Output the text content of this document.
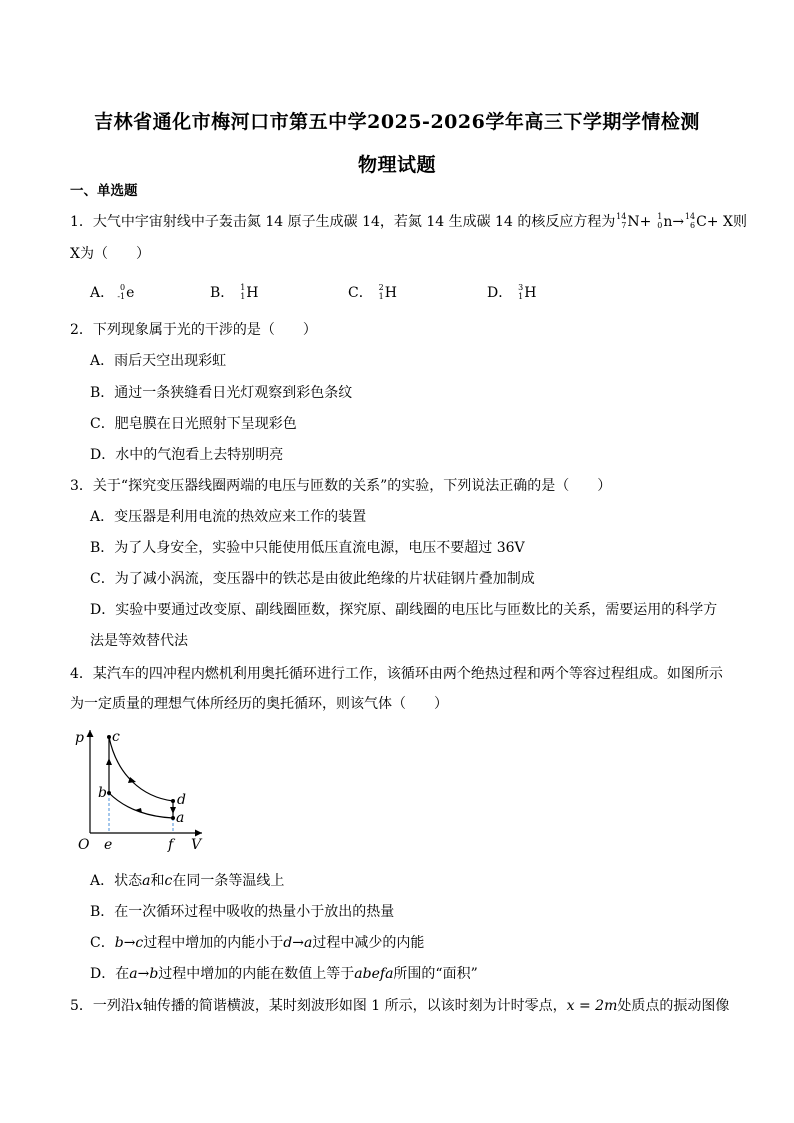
吉林省通化市梅河口市第五中学2025-2026学年高三下学期学情检测
物理试题
一、单选题
1．大气中宇宙射线中子轰击氮 14 原子生成碳 14，若氮 14 生成碳 14 的核反应方程为 14
7 N+ 1
0 n→ 14
6 C+ X则
X为（　　）
A． 0
-1 e	B． 1
1 H	C． 2
1 H	D． 3
1 H
2．下列现象属于光的干涉的是（　　）
A．雨后天空出现彩虹
B．通过一条狭缝看日光灯观察到彩色条纹
C．肥皂膜在日光照射下呈现彩色
D．水中的气泡看上去特别明亮
3．关于“探究变压器线圈两端的电压与匝数的关系”的实验，下列说法正确的是（　　）
A．变压器是利用电流的热效应来工作的装置
B．为了人身安全，实验中只能使用低压直流电源，电压不要超过 36V
C．为了减小涡流，变压器中的铁芯是由彼此绝缘的片状硅钢片叠加制成
D．实验中要通过改变原、副线圈匝数，探究原、副线圈的电压比与匝数比的关系，需要运用的科学方
法是等效替代法
4．某汽车的四冲程内燃机利用奥托循环进行工作，该循环由两个绝热过程和两个等容过程组成。如图所示
为一定质量的理想气体所经历的奥托循环，则该气体（　　）
p c
b	d
a
O e	f V
A．状态a和c在同一条等温线上
B．在一次循环过程中吸收的热量小于放出的热量
C．b→c过程中增加的内能小于d→a过程中减少的内能
D．在a→b过程中增加的内能在数值上等于abefa所围的“面积”
5．一列沿x轴传播的简谐横波，某时刻波形如图 1 所示，以该时刻为计时零点，x = 2m处质点的振动图像
